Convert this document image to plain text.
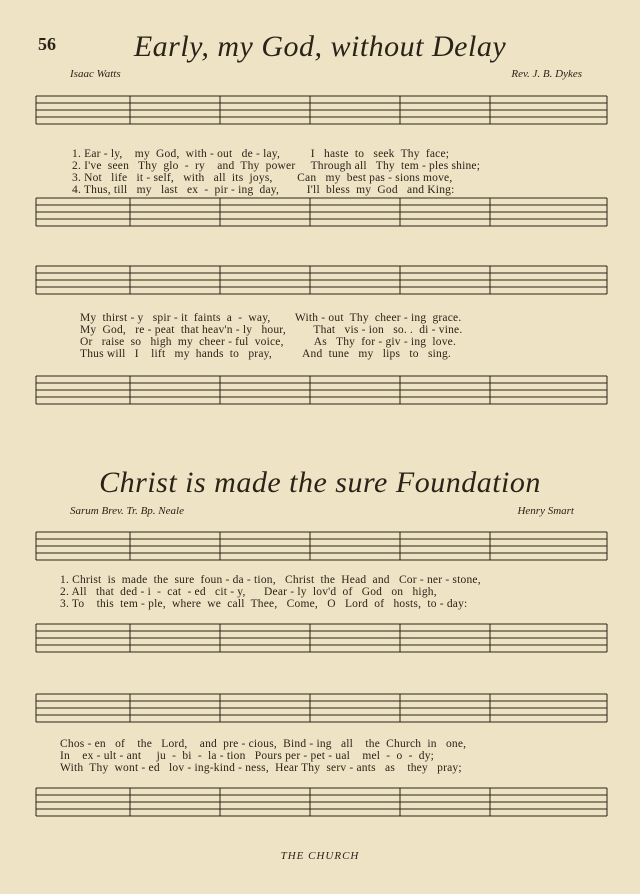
56	Early, my God, without Delay
Isaac Watts	Rev. J. B. Dykes
1. Ear - ly,    my  God,  with - out   de - lay,          I   haste  to   seek  Thy  face;
2. I've  seen   Thy  glo  -  ry    and  Thy  power     Through all   Thy  tem - ples shine;
3. Not   life   it - self,   with   all  its  joys,        Can   my  best pas - sions move,
4. Thus, till   my   last   ex  -  pir - ing  day,         I'll  bless  my  God   and King:
My  thirst - y   spir - it  faints  a  -  way,        With - out  Thy  cheer - ing  grace.
My  God,   re - peat  that heav'n - ly   hour,         That   vis - ion   so. .  di - vine.
Or   raise  so   high  my  cheer - ful  voice,          As   Thy  for - giv - ing  love.
Thus will   I    lift   my  hands  to   pray,          And  tune   my   lips   to   sing.
Christ is made the sure Foundation
Sarum Brev. Tr. Bp. Neale	Henry Smart
1. Christ  is  made  the  sure  foun - da - tion,   Christ  the  Head  and   Cor - ner - stone,
2. All   that  ded - i  -  cat  - ed   cit - y,      Dear - ly  lov'd  of   God   on   high,
3. To    this  tem - ple,  where  we  call  Thee,   Come,   O   Lord  of   hosts,  to - day:
Chos - en   of    the   Lord,    and  pre - cious,  Bind - ing   all    the  Church  in   one,
In    ex - ult - ant     ju  -  bi  -  la - tion   Pours per - pet - ual    mel  -  o  -  dy;
With  Thy  wont - ed   lov - ing-kind - ness,  Hear Thy  serv - ants   as    they   pray;
THE CHURCH
